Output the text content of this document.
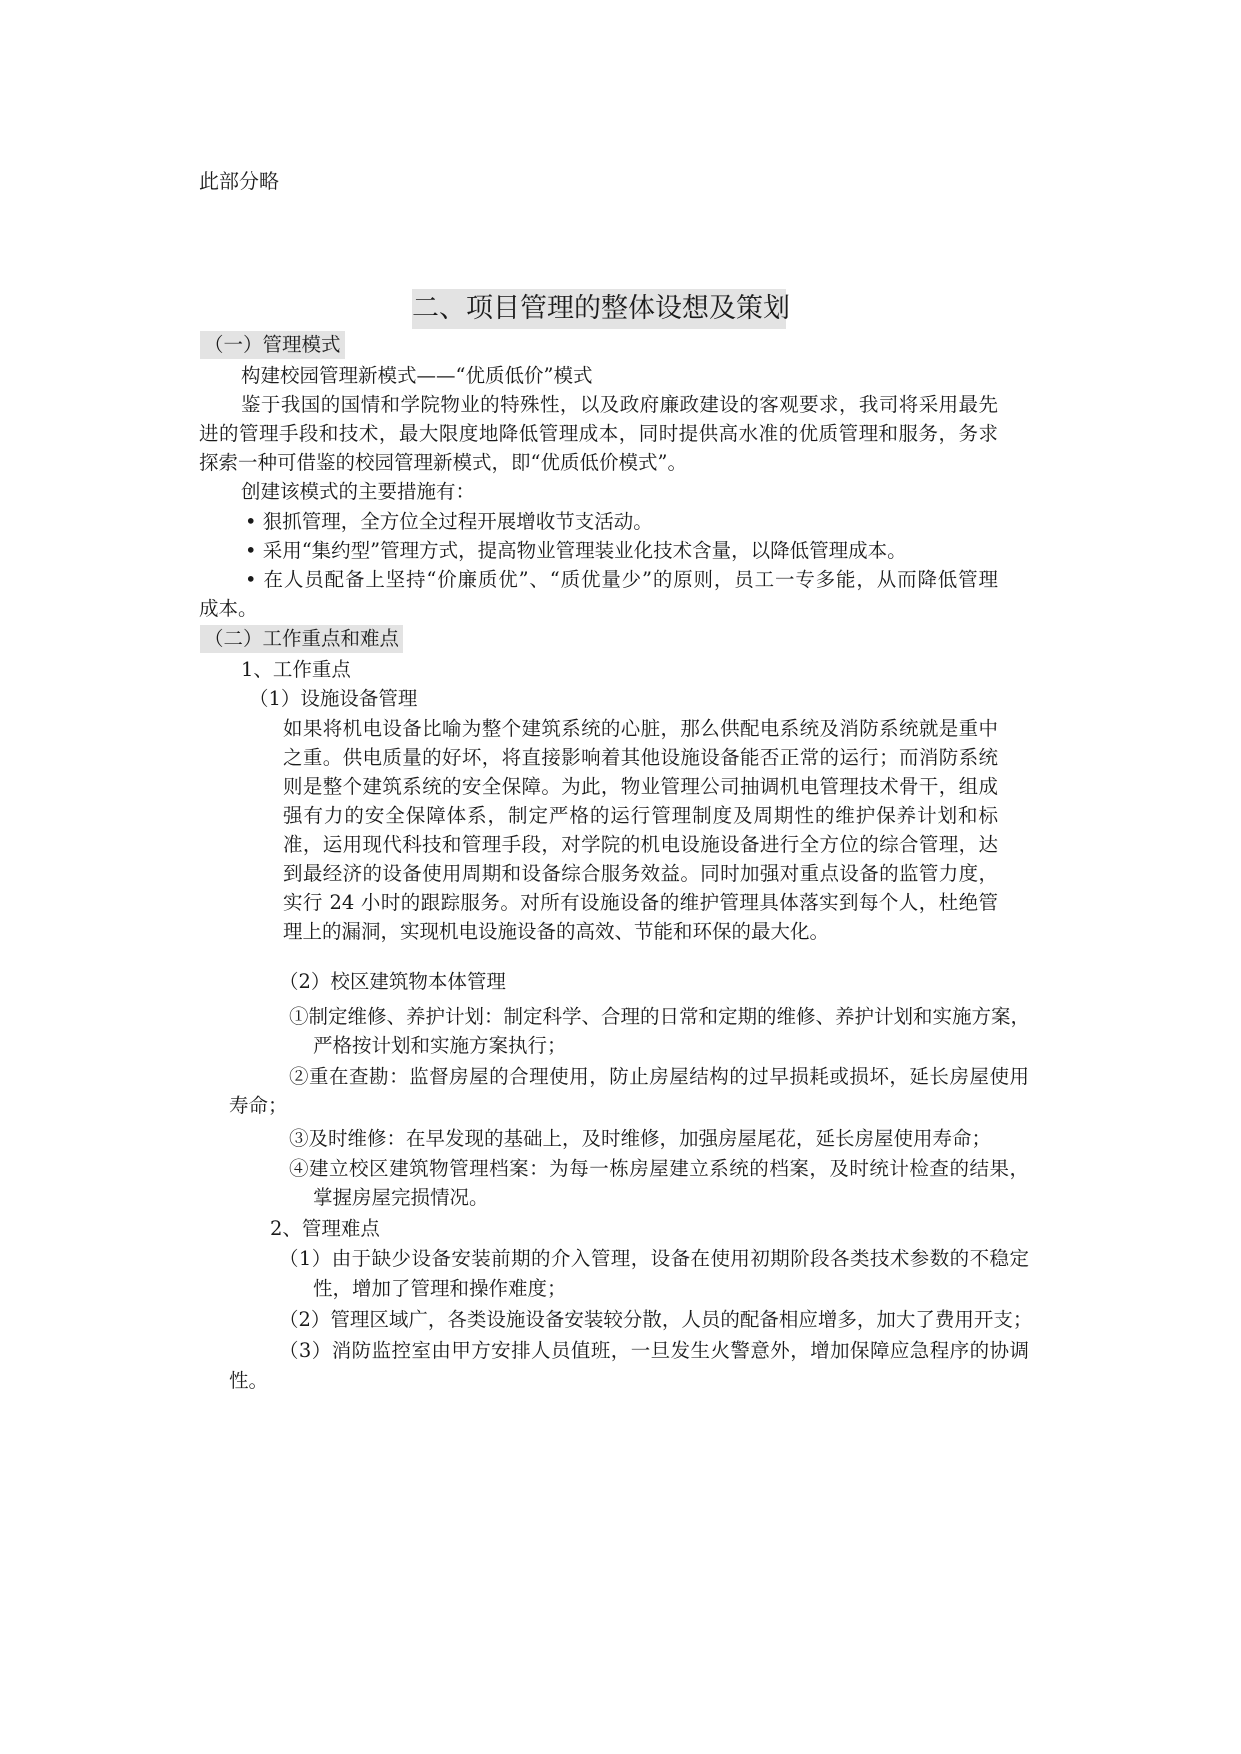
此部分略
二、项目管理的整体设想及策划
（一）管理模式
构建校园管理新模式——“优质低价”模式
鉴于我国的国情和学院物业的特殊性，以及政府廉政建设的客观要求，我司将采用最先
进的管理手段和技术，最大限度地降低管理成本，同时提供高水准的优质管理和服务，务求
探索一种可借鉴的校园管理新模式，即“优质低价模式”。
创建该模式的主要措施有：
• 狠抓管理，全方位全过程开展增收节支活动。
• 采用“集约型”管理方式，提高物业管理装业化技术含量，以降低管理成本。
• 在人员配备上坚持“价廉质优”、“质优量少”的原则，员工一专多能，从而降低管理
成本。
（二）工作重点和难点
1、工作重点
（1）设施设备管理
如果将机电设备比喻为整个建筑系统的心脏，那么供配电系统及消防系统就是重中
之重。供电质量的好坏，将直接影响着其他设施设备能否正常的运行；而消防系统
则是整个建筑系统的安全保障。为此，物业管理公司抽调机电管理技术骨干，组成
强有力的安全保障体系，制定严格的运行管理制度及周期性的维护保养计划和标
准，运用现代科技和管理手段，对学院的机电设施设备进行全方位的综合管理，达
到最经济的设备使用周期和设备综合服务效益。同时加强对重点设备的监管力度，
实行 24 小时的跟踪服务。对所有设施设备的维护管理具体落实到每个人，杜绝管
理上的漏洞，实现机电设施设备的高效、节能和环保的最大化。
（2）校区建筑物本体管理
①制定维修、养护计划：制定科学、合理的日常和定期的维修、养护计划和实施方案，
严格按计划和实施方案执行；
②重在查勘：监督房屋的合理使用，防止房屋结构的过早损耗或损坏，延长房屋使用
寿命；
③及时维修：在早发现的基础上，及时维修，加强房屋尾花，延长房屋使用寿命；
④建立校区建筑物管理档案：为每一栋房屋建立系统的档案，及时统计检查的结果，
掌握房屋完损情况。
2、管理难点
（1）由于缺少设备安装前期的介入管理，设备在使用初期阶段各类技术参数的不稳定
性，增加了管理和操作难度；
（2）管理区域广，各类设施设备安装较分散，人员的配备相应增多，加大了费用开支；
（3）消防监控室由甲方安排人员值班，一旦发生火警意外，增加保障应急程序的协调
性。
